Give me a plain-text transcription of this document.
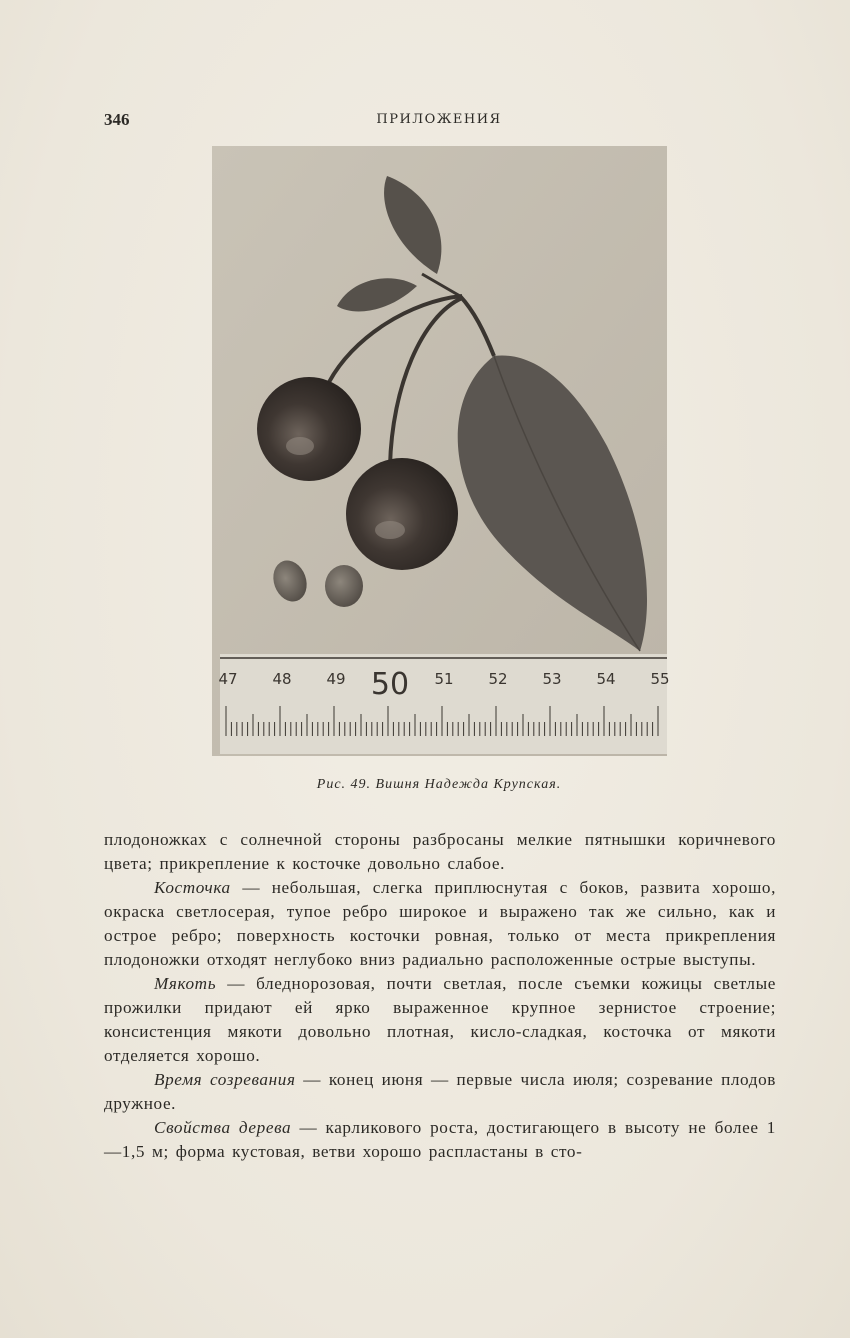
346	ПРИЛОЖЕНИЯ
47 48 49 50 51 52 53 54 55
Рис. 49. Вишня Надежда Крупская.

плодоножках с солнечной стороны разбросаны мелкие пятнышки коричневого цвета; прикрепление к косточке довольно слабое.

Косточка — небольшая, слегка приплюснутая с боков, развита хорошо, окраска светлосерая, тупое ребро широкое и выражено так же сильно, как и острое ребро; поверхность косточки ровная, только от места прикрепления плодоножки отходят неглубоко вниз радиально расположенные острые выступы.

Мякоть — бледнорозовая, почти светлая, после съемки кожицы светлые прожилки придают ей ярко выраженное крупное зернистое строение; консистенция мякоти довольно плотная, кисло-сладкая, косточка от мякоти отделяется хорошо.

Время созревания — конец июня — первые числа июля; созревание плодов дружное.

Свойства дерева — карликового роста, достигающего в высоту не более 1—1,5 м; форма кустовая, ветви хорошо распластаны в сто-
